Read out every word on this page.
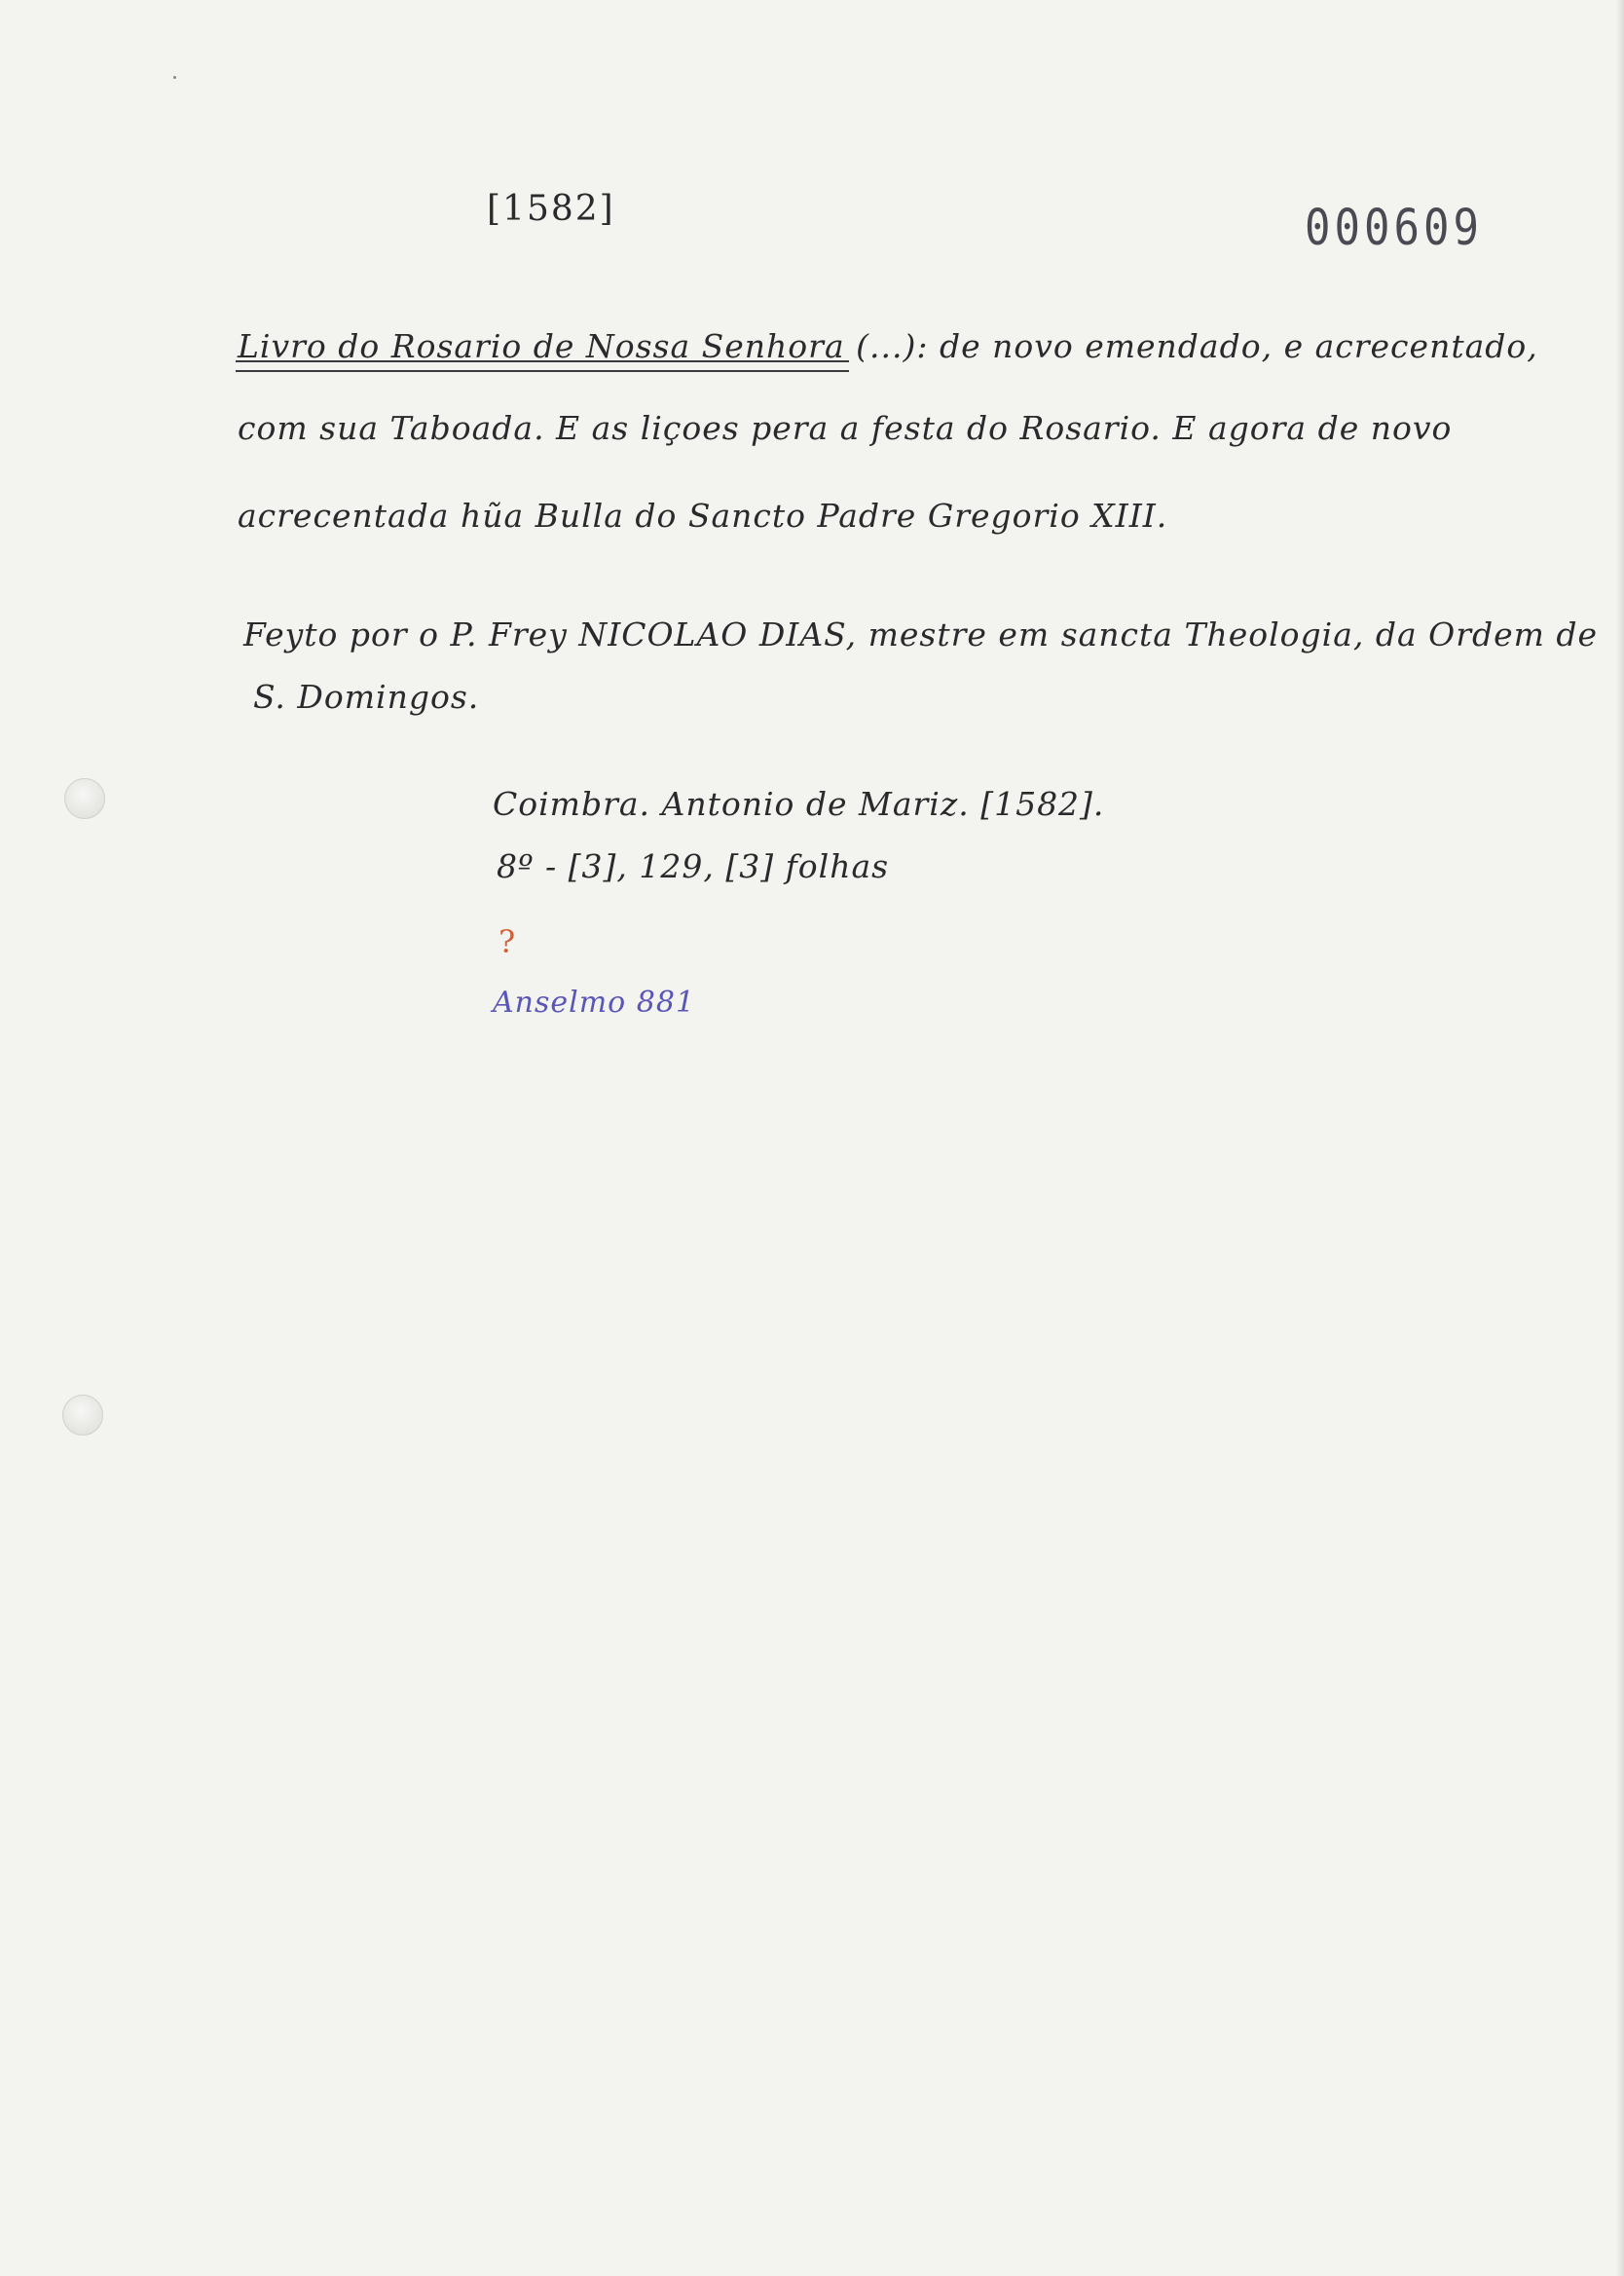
[1582]	000609
Livro do Rosario de Nossa Senhora (...): de novo emendado, e acrecentado,
com sua Taboada. E as liçoes pera a festa do Rosario. E agora de novo
acrecentada hũa Bulla do Sancto Padre Gregorio XIII.
Feyto por o P. Frey NICOLAO DIAS, mestre em sancta Theologia, da Ordem de
S. Domingos.
Coimbra. Antonio de Mariz. [1582].
8º - [3], 129, [3] folhas
?
Anselmo 881
